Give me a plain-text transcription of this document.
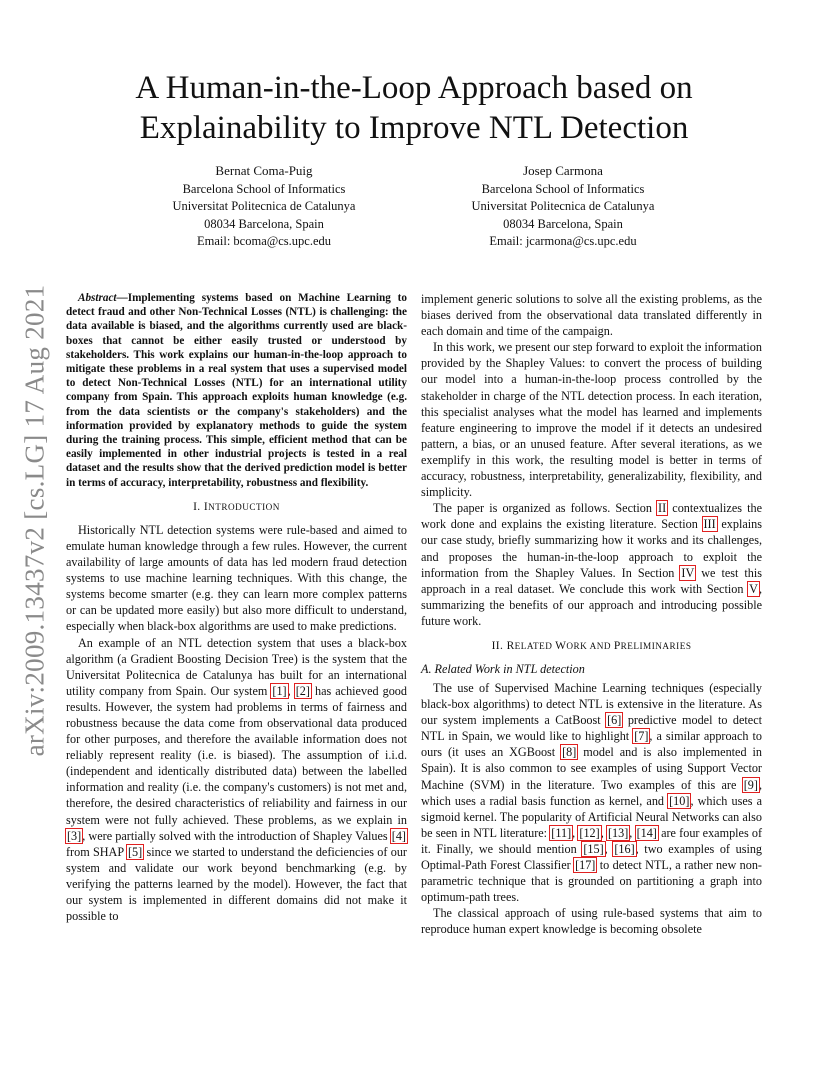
arXiv:2009.13437v2 [cs.LG] 17 Aug 2021
A Human-in-the-Loop Approach based on
Explainability to Improve NTL Detection
Bernat Coma-Puig
Barcelona School of Informatics
Universitat Politecnica de Catalunya
08034 Barcelona, Spain
Email: bcoma@cs.upc.edu
Josep Carmona
Barcelona School of Informatics
Universitat Politecnica de Catalunya
08034 Barcelona, Spain
Email: jcarmona@cs.upc.edu

Abstract—Implementing systems based on Machine Learning to detect fraud and other Non-Technical Losses (NTL) is challenging: the data available is biased, and the algorithms currently used are black-boxes that cannot be either easily trusted or understood by stakeholders. This work explains our human-in-the-loop approach to mitigate these problems in a real system that uses a supervised model to detect Non-Technical Losses (NTL) for an international utility company from Spain. This approach exploits human knowledge (e.g. from the data scientists or the company's stakeholders) and the information provided by explanatory methods to guide the system during the training process. This simple, efficient method that can be easily implemented in other industrial projects is tested in a real dataset and the results show that the derived prediction model is better in terms of accuracy, interpretability, robustness and flexibility.

I. INTRODUCTION

Historically NTL detection systems were rule-based and aimed to emulate human knowledge through a few rules. However, the current availability of large amounts of data has led modern fraud detection systems to use machine learning techniques. With this change, the systems become smarter (e.g. they can learn more complex patterns or can be updated more easily) but also more difficult to understand, especially when black-box algorithms are used to make predictions.

An example of an NTL detection system that uses a black-box algorithm (a Gradient Boosting Decision Tree) is the system that the Universitat Politecnica de Catalunya has built for an international utility company from Spain. Our system [1], [2] has achieved good results. However, the system had problems in terms of fairness and robustness because the data come from observational data produced for other purposes, and therefore the available information does not reliably represent reality (i.e. is biased). The assumption of i.i.d. (independent and identically distributed data) between the labelled information and reality (i.e. the company's customers) is not met and, therefore, the desired characteristics of reliability and fairness in our system were not fully achieved. These problems, as we explain in [3], were partially solved with the introduction of Shapley Values [4] from SHAP [5] since we started to understand the deficiencies of our system and validate our work beyond benchmarking (e.g. by verifying the patterns learned by the model). However, the fact that our system is implemented in different domains did not make it possible to

implement generic solutions to solve all the existing problems, as the biases derived from the observational data translated differently in each domain and time of the campaign.

In this work, we present our step forward to exploit the information provided by the Shapley Values: to convert the process of building our model into a human-in-the-loop process controlled by the stakeholder in charge of the NTL detection process. In each iteration, this specialist analyses what the model has learned and implements feature engineering to improve the model if it detects an undesired pattern, a bias, or an unused feature. After several iterations, as we exemplify in this work, the resulting model is better in terms of accuracy, robustness, interpretability, generalizability, flexibility, and simplicity.

The paper is organized as follows. Section II contextualizes the work done and explains the existing literature. Section III explains our case study, briefly summarizing how it works and its challenges, and proposes the human-in-the-loop approach to exploit the information from the Shapley Values. In Section IV we test this approach in a real dataset. We conclude this work with Section V, summarizing the benefits of our approach and introducing possible future work.

II. RELATED WORK AND PRELIMINARIES
A. Related Work in NTL detection

The use of Supervised Machine Learning techniques (especially black-box algorithms) to detect NTL is extensive in the literature. As our system implements a CatBoost [6] predictive model to detect NTL in Spain, we would like to highlight [7], a similar approach to ours (it uses an XGBoost [8] model and is also implemented in Spain). It is also common to see examples of using Support Vector Machine (SVM) in the literature. Two examples of this are [9], which uses a radial basis function as kernel, and [10], which uses a sigmoid kernel. The popularity of Artificial Neural Networks can also be seen in NTL literature: [11], [12], [13], [14] are four examples of it. Finally, we should mention [15], [16], two examples of using Optimal-Path Forest Classifier [17] to detect NTL, a rather new non-parametric technique that is grounded on partitioning a graph into optimum-path trees.

The classical approach of using rule-based systems that aim to reproduce human expert knowledge is becoming obsolete
